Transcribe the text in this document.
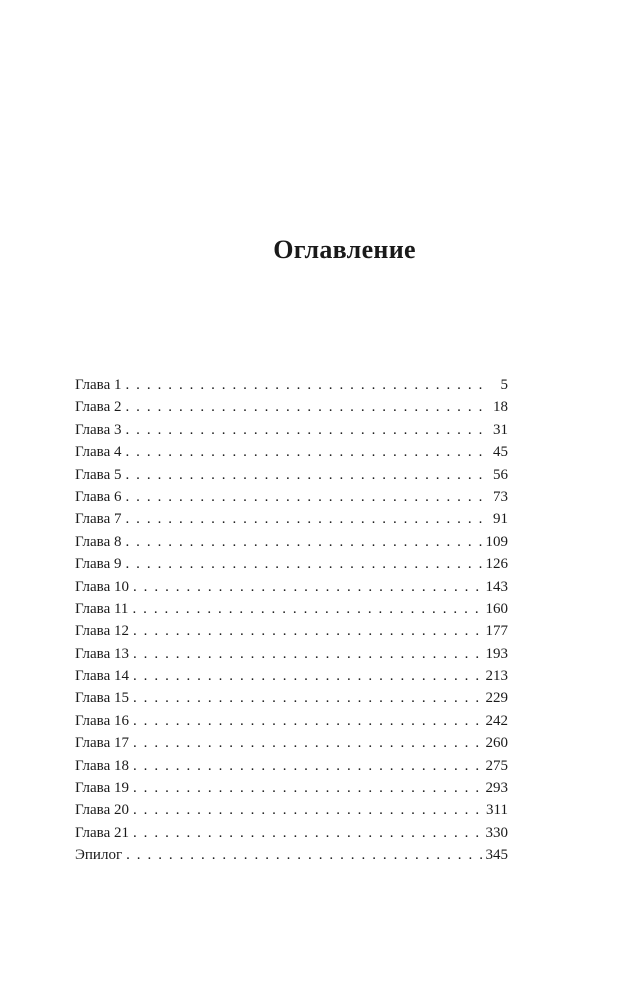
Оглавление
Глава 1 . . .	5
Глава 2 . . .	18
Глава 3 . . .	31
Глава 4 . . .	45
Глава 5 . . .	56
Глава 6 . . .	73
Глава 7 . . .	91
Глава 8 . . .	109
Глава 9 . . .	126
Глава 10 . . .	143
Глава 11 . . .	160
Глава 12 . . .	177
Глава 13 . . .	193
Глава 14 . . .	213
Глава 15 . . .	229
Глава 16 . . .	242
Глава 17 . . .	260
Глава 18 . . .	275
Глава 19 . . .	293
Глава 20 . . .	311
Глава 21 . . .	330
Эпилог . . .	345
